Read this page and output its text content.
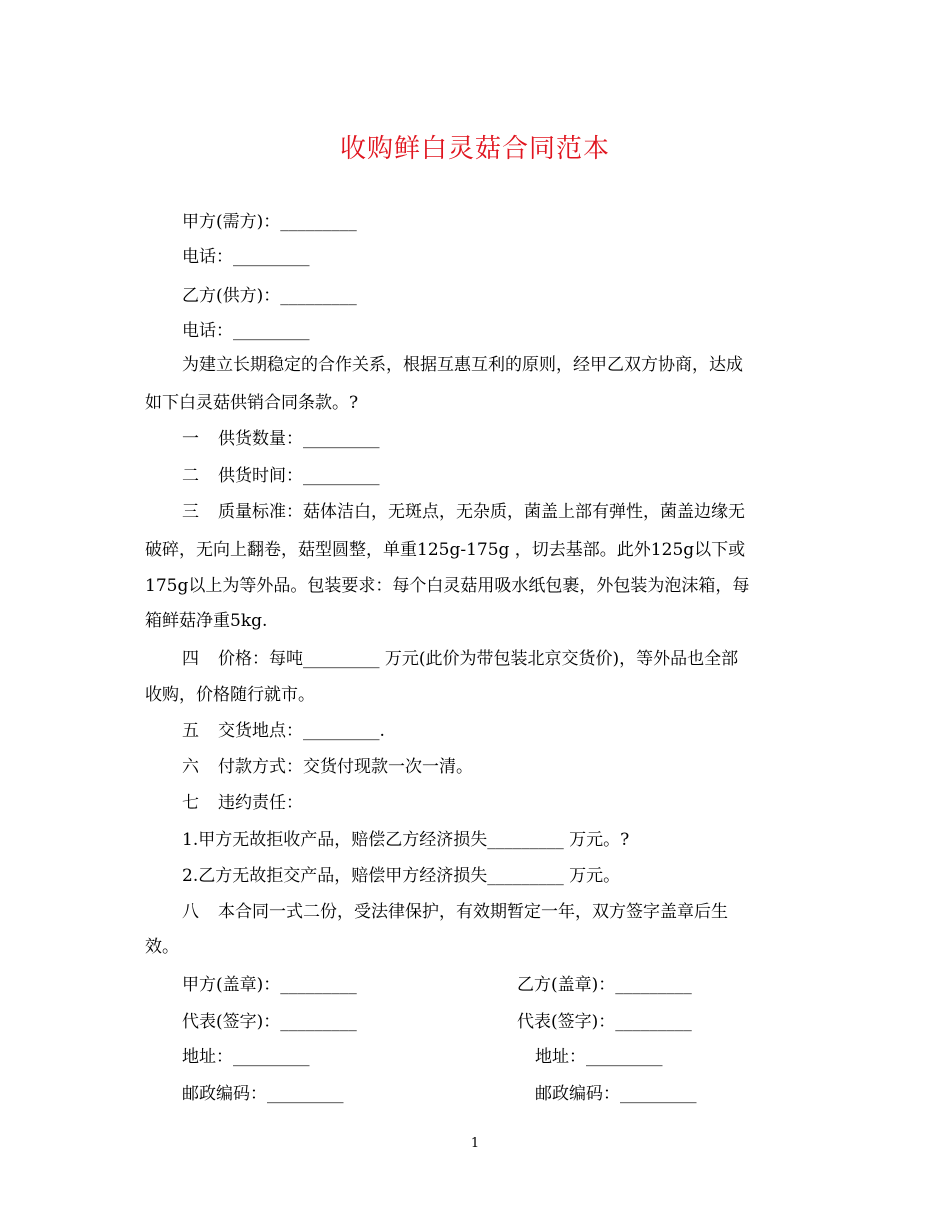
收购鲜白灵菇合同范本
甲方(需方)：_________
电话：_________
乙方(供方)：_________
电话：_________
为建立长期稳定的合作关系，根据互惠互利的原则，经甲乙双方协商，达成
如下白灵菇供销合同条款。?
一 供货数量：_________
二 供货时间：_________
三 质量标准：菇体洁白，无斑点，无杂质，菌盖上部有弹性，菌盖边缘无
破碎，无向上翻卷，菇型圆整，单重125g-175g ，切去基部。此外125g以下或
175g以上为等外品。包装要求：每个白灵菇用吸水纸包裹，外包装为泡沫箱，每
箱鲜菇净重5kg.
四 价格：每吨_________ 万元(此价为带包装北京交货价)，等外品也全部
收购，价格随行就市。
五 交货地点：_________.
六 付款方式：交货付现款一次一清。
七 违约责任：
1.甲方无故拒收产品，赔偿乙方经济损失_________ 万元。?
2.乙方无故拒交产品，赔偿甲方经济损失_________ 万元。
八 本合同一式二份，受法律保护，有效期暂定一年，双方签字盖章后生
效。
甲方(盖章)：_________	乙方(盖章)：_________
代表(签字)：_________	代表(签字)：_________
地址：_________	地址：_________
邮政编码：_________	邮政编码：_________
1
